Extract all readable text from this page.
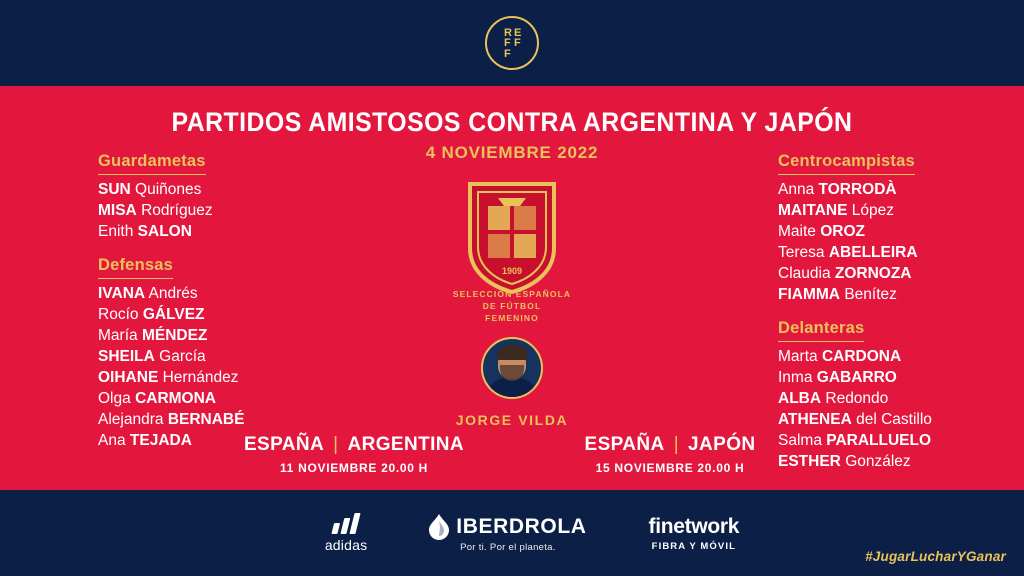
R
F
E
F
F
PARTIDOS AMISTOSOS CONTRA ARGENTINA Y JAPÓN
4 NOVIEMBRE 2022
1909
SELECCIÓN ESPAÑOLA
DE FÚTBOL
FEMENINO
JORGE VILDA
ESPAÑA | ARGENTINA
11 NOVIEMBRE 20.00 H
ESPAÑA | JAPÓN
15 NOVIEMBRE 20.00 H
Guardametas
SUN Quiñones
MISA Rodríguez
Enith SALON
Defensas
IVANA Andrés
Rocío GÁLVEZ
María MÉNDEZ
SHEILA García
OIHANE Hernández
Olga CARMONA
Alejandra BERNABÉ
Ana TEJADA
Centrocampistas
Anna TORRODÀ
MAITANE López
Maite OROZ
Teresa ABELLEIRA
Claudia ZORNOZA
FIAMMA Benítez
Delanteras
Marta CARDONA
Inma GABARRO
ALBA Redondo
ATHENEA del Castillo
Salma PARALLUELO
ESTHER González
adidas
IBERDROLA
Por ti. Por el planeta.
finetwork
FIBRA Y MÓVIL
#JugarLucharYGanar
